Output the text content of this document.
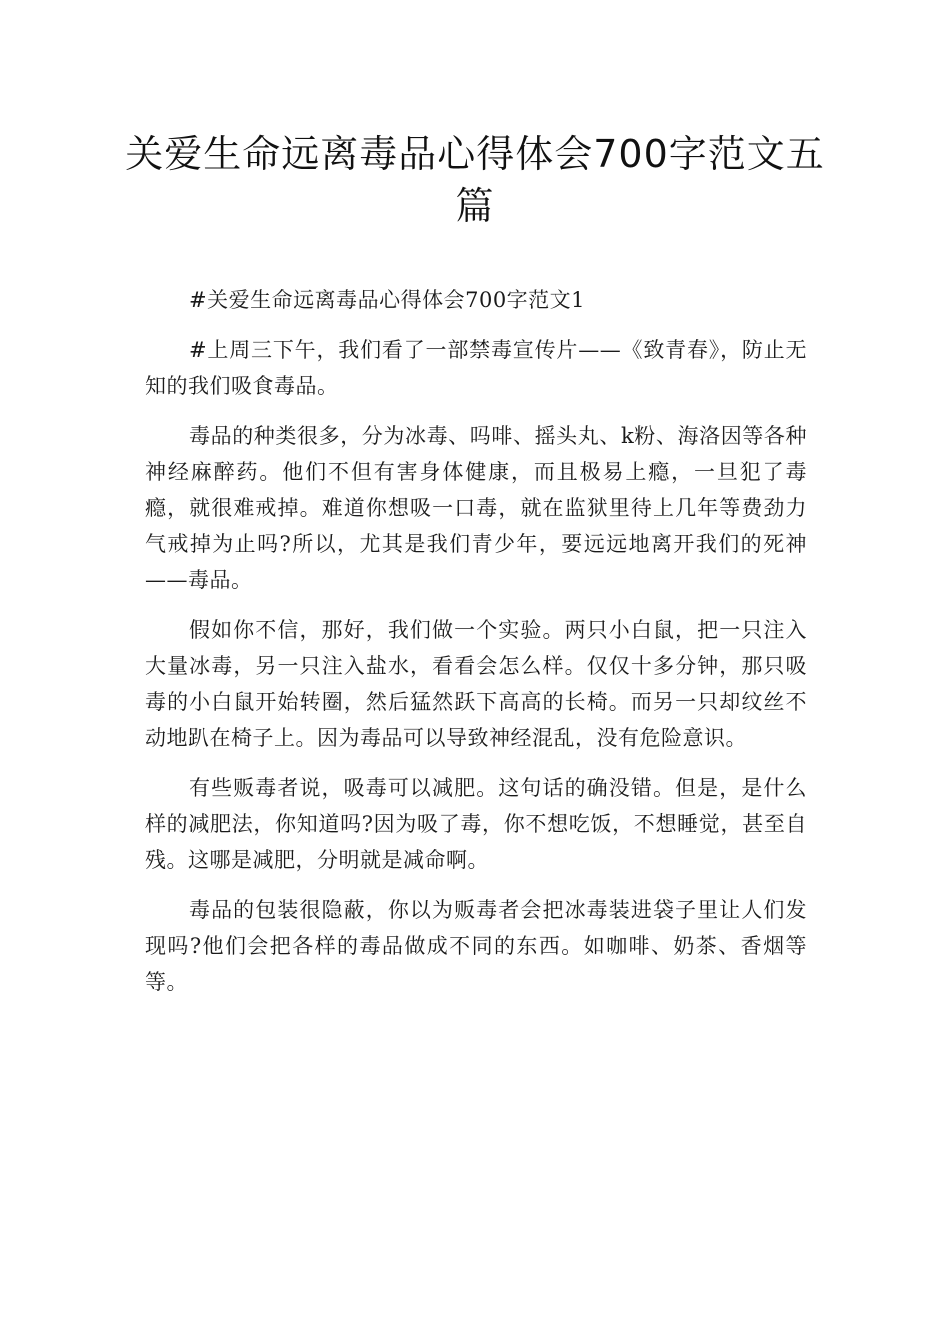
关爱生命远离毒品心得体会700字范文五篇

#关爱生命远离毒品心得体会700字范文1

#上周三下午，我们看了一部禁毒宣传片——《致青春》，防止无知的我们吸食毒品。

毒品的种类很多，分为冰毒、吗啡、摇头丸、k粉、海洛因等各种神经麻醉药。他们不但有害身体健康，而且极易上瘾，一旦犯了毒瘾，就很难戒掉。难道你想吸一口毒，就在监狱里待上几年等费劲力气戒掉为止吗?所以，尤其是我们青少年，要远远地离开我们的死神——毒品。

假如你不信，那好，我们做一个实验。两只小白鼠，把一只注入大量冰毒，另一只注入盐水，看看会怎么样。仅仅十多分钟，那只吸毒的小白鼠开始转圈，然后猛然跃下高高的长椅。而另一只却纹丝不动地趴在椅子上。因为毒品可以导致神经混乱，没有危险意识。

有些贩毒者说，吸毒可以减肥。这句话的确没错。但是，是什么样的减肥法，你知道吗?因为吸了毒，你不想吃饭，不想睡觉，甚至自残。这哪是减肥，分明就是减命啊。

毒品的包装很隐蔽，你以为贩毒者会把冰毒装进袋子里让人们发现吗?他们会把各样的毒品做成不同的东西。如咖啡、奶茶、香烟等等。
